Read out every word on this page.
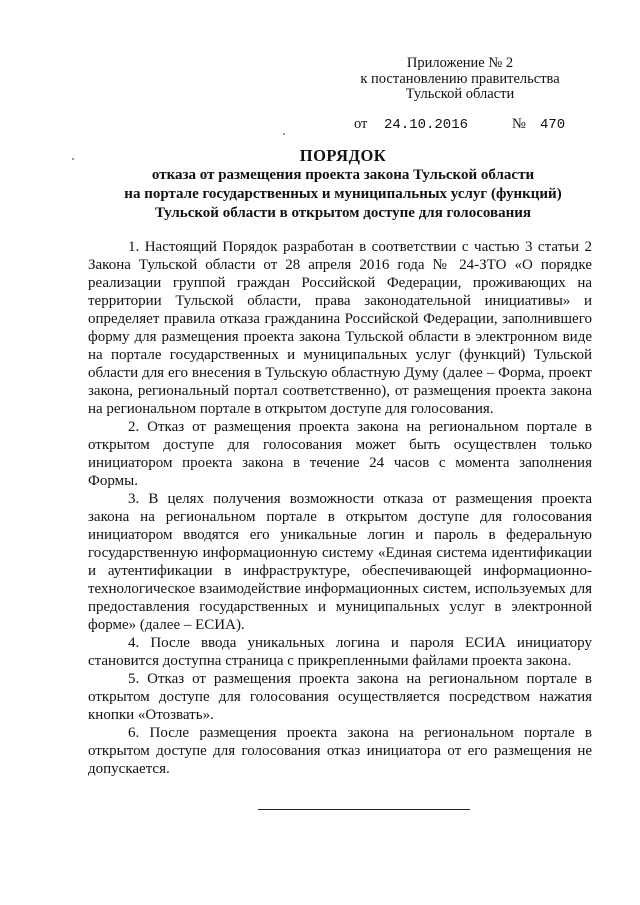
Приложение № 2
к постановлению правительства
Тульской области
от 24.10.2016	№ 470
ПОРЯДОК
отказа от размещения проекта закона Тульской области
на портале государственных и муниципальных услуг (функций)
Тульской области в открытом доступе для голосования

1. Настоящий Порядок разработан в соответствии с частью 3 статьи 2 Закона Тульской области от 28 апреля 2016 года № 24-ЗТО «О порядке реализации группой граждан Российской Федерации, проживающих на территории Тульской области, права законодательной инициативы» и определяет правила отказа гражданина Российской Федерации, заполнившего форму для размещения проекта закона Тульской области в электронном виде на портале государственных и муниципальных услуг (функций) Тульской области для его внесения в Тульскую областную Думу (далее – Форма, проект закона, региональный портал соответственно), от размещения проекта закона на региональном портале в открытом доступе для голосования.

2. Отказ от размещения проекта закона на региональном портале в открытом доступе для голосования может быть осуществлен только инициатором проекта закона в течение 24 часов с момента заполнения Формы.

3. В целях получения возможности отказа от размещения проекта закона на региональном портале в открытом доступе для голосования инициатором вводятся его уникальные логин и пароль в федеральную государственную информационную систему «Единая система идентификации и аутентификации в инфраструктуре, обеспечивающей информационно-технологическое взаимодействие информационных систем, используемых для предоставления государственных и муниципальных услуг в электронной форме» (далее – ЕСИА).

4. После ввода уникальных логина и пароля ЕСИА инициатору становится доступна страница с прикрепленными файлами проекта закона.

5. Отказ от размещения проекта закона на региональном портале в открытом доступе для голосования осуществляется посредством нажатия кнопки «Отозвать».

6. После размещения проекта закона на региональном портале в открытом доступе для голосования отказ инициатора от его размещения не допускается.
